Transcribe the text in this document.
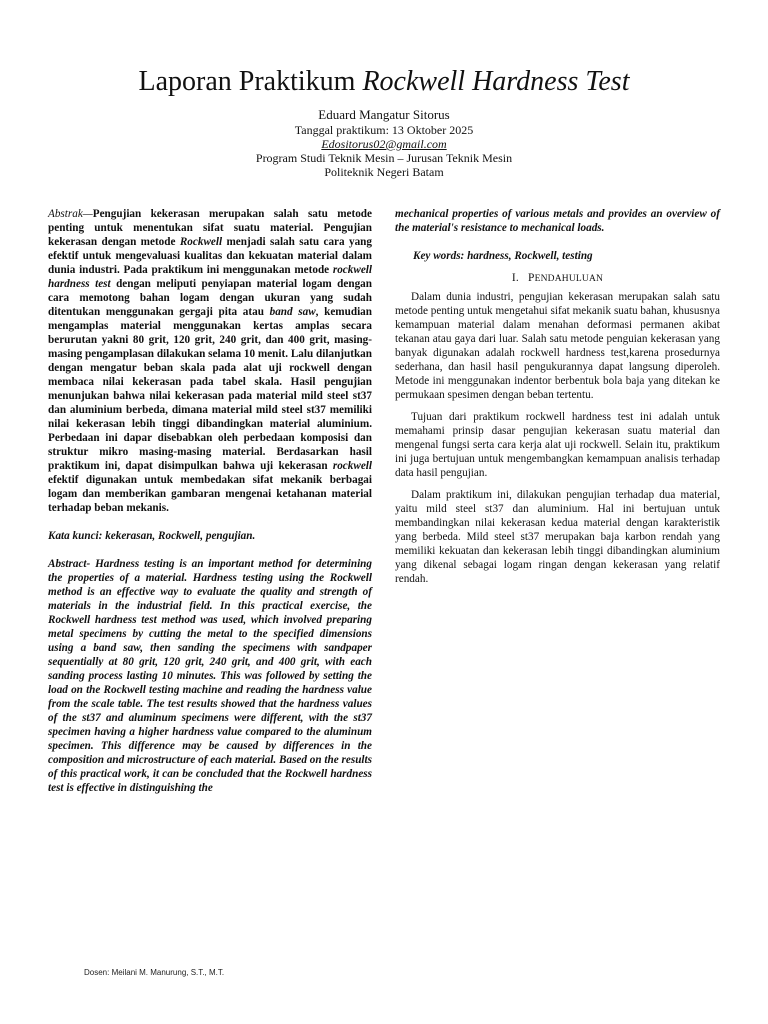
Laporan Praktikum Rockwell Hardness Test
Eduard Mangatur Sitorus
Tanggal praktikum: 13 Oktober 2025
Edositorus02@gmail.com
Program Studi Teknik Mesin – Jurusan Teknik Mesin
Politeknik Negeri Batam

Abstrak—Pengujian kekerasan merupakan salah satu metode penting untuk menentukan sifat suatu material. Pengujian kekerasan dengan metode Rockwell menjadi salah satu cara yang efektif untuk mengevaluasi kualitas dan kekuatan material dalam dunia industri. Pada praktikum ini menggunakan metode rockwell hardness test dengan meliputi penyiapan material logam dengan cara memotong bahan logam dengan ukuran yang sudah ditentukan menggunakan gergaji pita atau band saw, kemudian mengamplas material menggunakan kertas amplas secara berurutan yakni 80 grit, 120 grit, 240 grit, dan 400 grit, masing-masing pengamplasan dilakukan selama 10 menit. Lalu dilanjutkan dengan mengatur beban skala pada alat uji rockwell dengan membaca nilai kekerasan pada tabel skala. Hasil pengujian menunjukan bahwa nilai kekerasan pada material mild steel st37 dan aluminium berbeda, dimana material mild steel st37 memiliki nilai kekerasan lebih tinggi dibandingkan material aluminium. Perbedaan ini dapar disebabkan oleh perbedaan komposisi dan struktur mikro masing-masing material. Berdasarkan hasil praktikum ini, dapat disimpulkan bahwa uji kekerasan rockwell efektif digunakan untuk membedakan sifat mekanik berbagai logam dan memberikan gambaran mengenai ketahanan material terhadap beban mekanis.

Kata kunci: kekerasan, Rockwell, pengujian.

Abstract- Hardness testing is an important method for determining the properties of a material. Hardness testing using the Rockwell method is an effective way to evaluate the quality and strength of materials in the industrial field. In this practical exercise, the Rockwell hardness test method was used, which involved preparing metal specimens by cutting the metal to the specified dimensions using a band saw, then sanding the specimens with sandpaper sequentially at 80 grit, 120 grit, 240 grit, and 400 grit, with each sanding process lasting 10 minutes. This was followed by setting the load on the Rockwell testing machine and reading the hardness value from the scale table. The test results showed that the hardness values of the st37 and aluminum specimens were different, with the st37 specimen having a higher hardness value compared to the aluminum specimen. This difference may be caused by differences in the composition and microstructure of each material. Based on the results of this practical work, it can be concluded that the Rockwell hardness test is effective in distinguishing the

mechanical properties of various metals and provides an overview of the material's resistance to mechanical loads.

Key words: hardness, Rockwell, testing

I. PENDAHULUAN

Dalam dunia industri, pengujian kekerasan merupakan salah satu metode penting untuk mengetahui sifat mekanik suatu bahan, khususnya kemampuan material dalam menahan deformasi permanen akibat tekanan atau gaya dari luar. Salah satu metode penguian kekerasan yang banyak digunakan adalah rockwell hardness test,karena prosedurnya sederhana, dan hasil hasil pengukurannya dapat langsung diperoleh. Metode ini menggunakan indentor berbentuk bola baja yang ditekan ke permukaan spesimen dengan beban tertentu.

Tujuan dari praktikum rockwell hardness test ini adalah untuk memahami prinsip dasar pengujian kekerasan suatu material dan mengenal fungsi serta cara kerja alat uji rockwell. Selain itu, praktikum ini juga bertujuan untuk mengembangkan kemampuan analisis terhadap data hasil pengujian.

Dalam praktikum ini, dilakukan pengujian terhadap dua material, yaitu mild steel st37 dan aluminium. Hal ini bertujuan untuk membandingkan nilai kekerasan kedua material dengan karakteristik yang berbeda. Mild steel st37 merupakan baja karbon rendah yang memiliki kekuatan dan kekerasan lebih tinggi dibandingkan aluminium yang dikenal sebagai logam ringan dengan kekerasan yang relatif rendah.

Dosen: Meilani M. Manurung, S.T., M.T.
